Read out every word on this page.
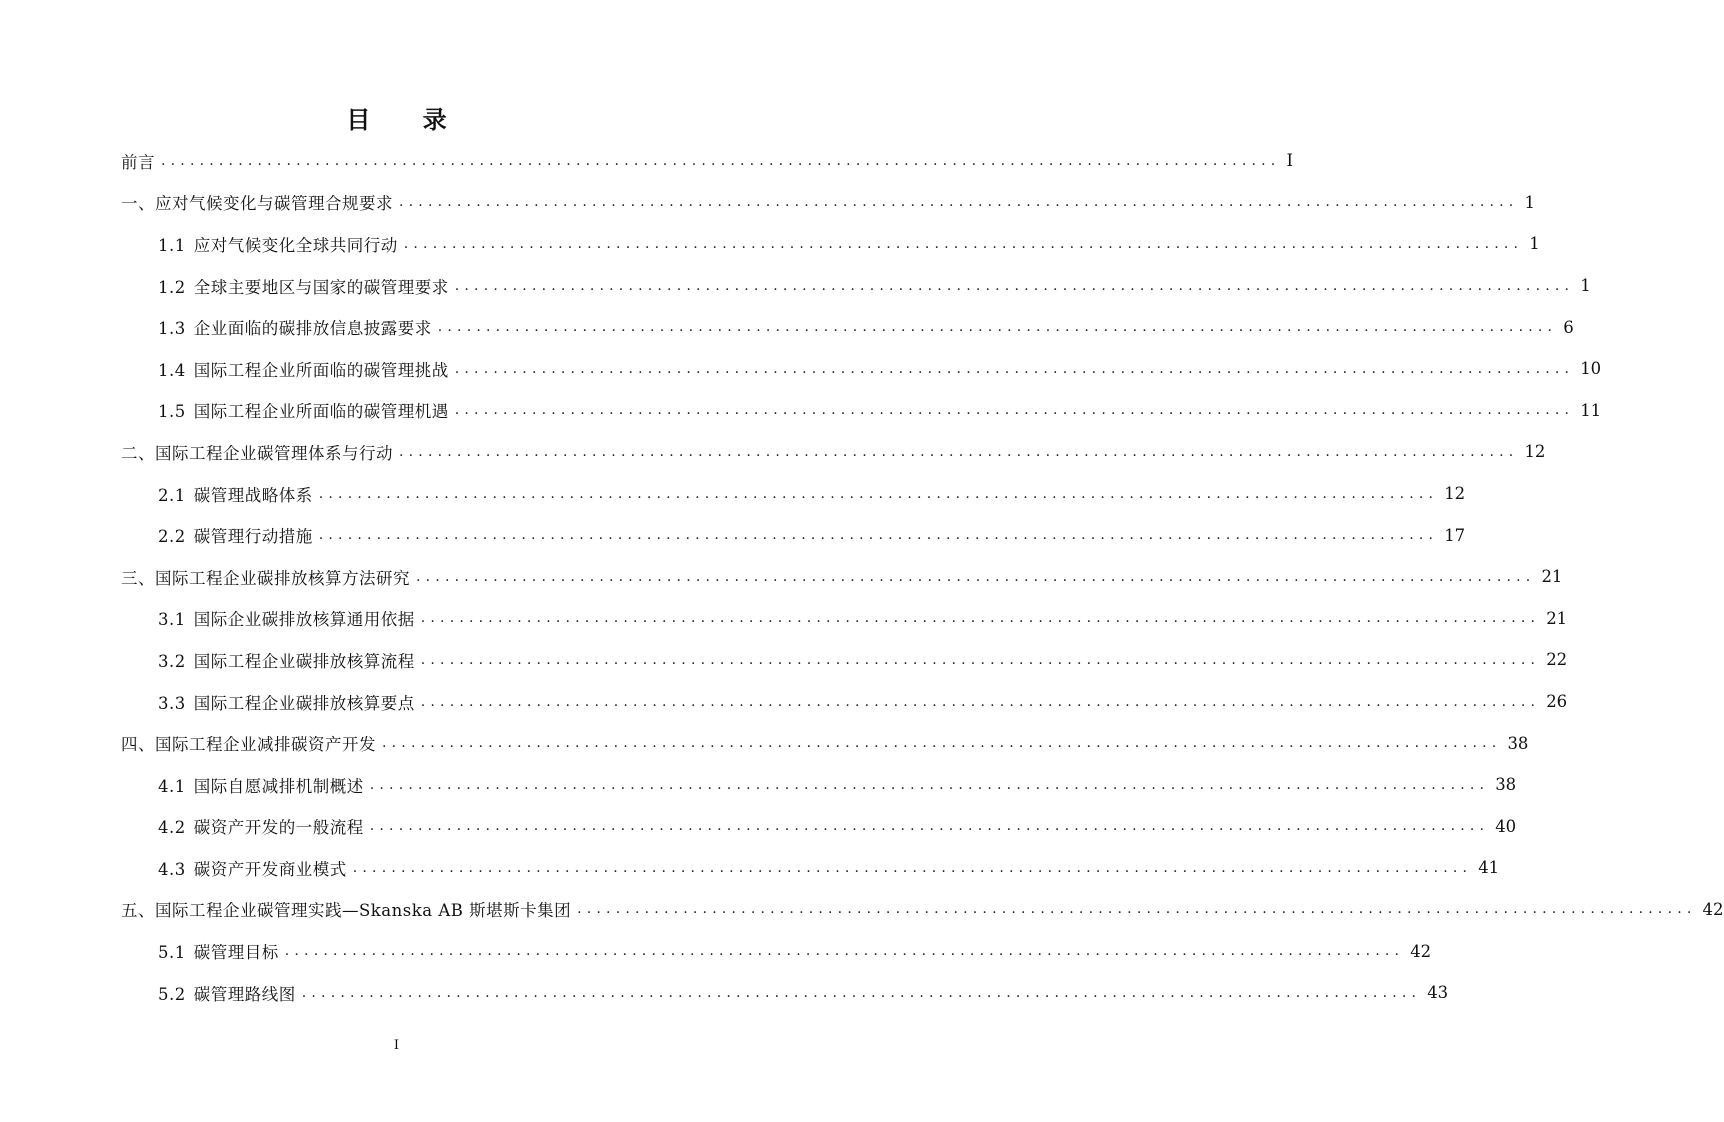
目 录
前言 .................................................................................................................... I
一、应对气候变化与碳管理合规要求 .................................................................................................................... 1
1.1 应对气候变化全球共同行动 .................................................................................................................... 1
1.2 全球主要地区与国家的碳管理要求 .................................................................................................................... 1
1.3 企业面临的碳排放信息披露要求 .................................................................................................................... 6
1.4 国际工程企业所面临的碳管理挑战 .................................................................................................................... 10
1.5 国际工程企业所面临的碳管理机遇 .................................................................................................................... 11
二、国际工程企业碳管理体系与行动 .................................................................................................................... 12
2.1 碳管理战略体系 .................................................................................................................... 12
2.2 碳管理行动措施 .................................................................................................................... 17
三、国际工程企业碳排放核算方法研究 .................................................................................................................... 21
3.1 国际企业碳排放核算通用依据 .................................................................................................................... 21
3.2 国际工程企业碳排放核算流程 .................................................................................................................... 22
3.3 国际工程企业碳排放核算要点 .................................................................................................................... 26
四、国际工程企业减排碳资产开发 .................................................................................................................... 38
4.1 国际自愿减排机制概述 .................................................................................................................... 38
4.2 碳资产开发的一般流程 .................................................................................................................... 40
4.3 碳资产开发商业模式 .................................................................................................................... 41
五、国际工程企业碳管理实践—Skanska AB 斯堪斯卡集团 .................................................................................................................... 42
5.1 碳管理目标 .................................................................................................................... 42
5.2 碳管理路线图 .................................................................................................................... 43
I
